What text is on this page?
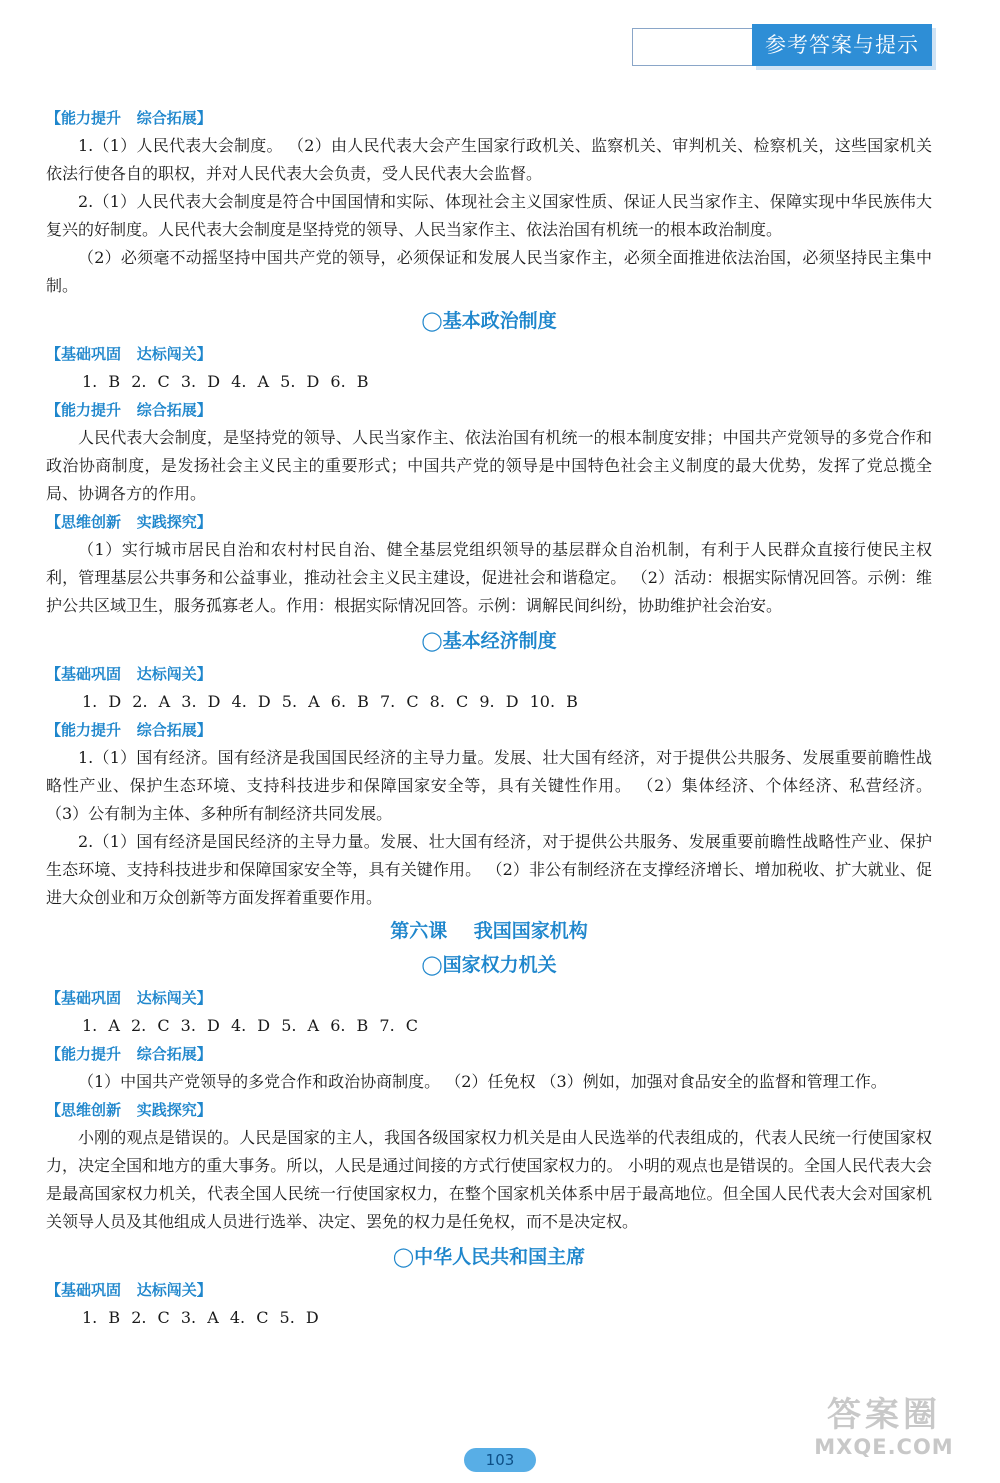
参考答案与提示
【能力提升 综合拓展】

1.（1）人民代表大会制度。 （2）由人民代表大会产生国家行政机关、监察机关、审判机关、检察机关，这些国家机关依法行使各自的职权，并对人民代表大会负责，受人民代表大会监督。

2.（1）人民代表大会制度是符合中国国情和实际、体现社会主义国家性质、保证人民当家作主、保障实现中华民族伟大复兴的好制度。人民代表大会制度是坚持党的领导、人民当家作主、依法治国有机统一的根本政治制度。

（2）必须毫不动摇坚持中国共产党的领导，必须保证和发展人民当家作主，必须全面推进依法治国，必须坚持民主集中制。

◯基本政治制度
【基础巩固 达标闯关】
1. B 2. C 3. D 4. A 5. D 6. B
【能力提升 综合拓展】

人民代表大会制度，是坚持党的领导、人民当家作主、依法治国有机统一的根本制度安排；中国共产党领导的多党合作和政治协商制度，是发扬社会主义民主的重要形式；中国共产党的领导是中国特色社会主义制度的最大优势，发挥了党总揽全局、协调各方的作用。

【思维创新 实践探究】

（1）实行城市居民自治和农村村民自治、健全基层党组织领导的基层群众自治机制，有利于人民群众直接行使民主权利，管理基层公共事务和公益事业，推动社会主义民主建设，促进社会和谐稳定。 （2）活动：根据实际情况回答。示例：维护公共区域卫生，服务孤寡老人。作用：根据实际情况回答。示例：调解民间纠纷，协助维护社会治安。

◯基本经济制度
【基础巩固 达标闯关】
1. D 2. A 3. D 4. D 5. A 6. B 7. C 8. C 9. D 10. B
【能力提升 综合拓展】

1.（1）国有经济。国有经济是我国国民经济的主导力量。发展、壮大国有经济，对于提供公共服务、发展重要前瞻性战略性产业、保护生态环境、支持科技进步和保障国家安全等，具有关键性作用。 （2）集体经济、个体经济、私营经济。 （3）公有制为主体、多种所有制经济共同发展。

2.（1）国有经济是国民经济的主导力量。发展、壮大国有经济，对于提供公共服务、发展重要前瞻性战略性产业、保护生态环境、支持科技进步和保障国家安全等，具有关键作用。 （2）非公有制经济在支撑经济增长、增加税收、扩大就业、促进大众创业和万众创新等方面发挥着重要作用。

第六课 我国国家机构
◯国家权力机关
【基础巩固 达标闯关】
1. A 2. C 3. D 4. D 5. A 6. B 7. C
【能力提升 综合拓展】

（1）中国共产党领导的多党合作和政治协商制度。 （2）任免权 （3）例如，加强对食品安全的监督和管理工作。

【思维创新 实践探究】

小刚的观点是错误的。人民是国家的主人，我国各级国家权力机关是由人民选举的代表组成的，代表人民统一行使国家权力，决定全国和地方的重大事务。所以，人民是通过间接的方式行使国家权力的。 小明的观点也是错误的。全国人民代表大会是最高国家权力机关，代表全国人民统一行使国家权力，在整个国家机关体系中居于最高地位。但全国人民代表大会对国家机关领导人员及其他组成人员进行选举、决定、罢免的权力是任免权，而不是决定权。

◯中华人民共和国主席
【基础巩固 达标闯关】
1. B 2. C 3. A 4. C 5. D
103
答案圈
MXQE.COM
